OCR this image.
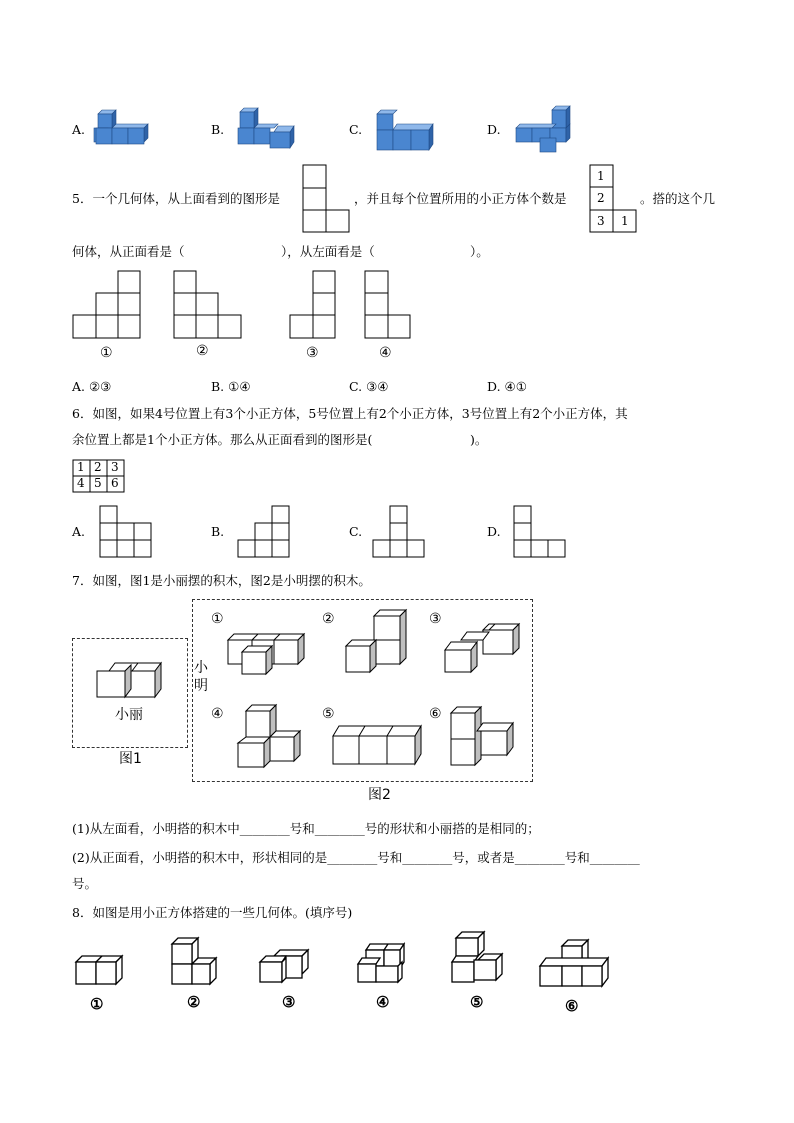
A.	B.	C.	D.
5．一个几何体，从上面看到的图形是	，并且每个位置所用的小正方体个数是
1
2
3 1
。搭的这个几
何体，从正面看是（	），从左面看是（	）。
①	②	③	④
A. ②③	B. ①④	C. ③④	D. ④①
6．如图，如果4号位置上有3个小正方体，5号位置上有2个小正方体，3号位置上有2个小正方体，其
余位置上都是1个小正方体。那么从正面看到的图形是(	)。
1 2 3
4 5 6
A.	B.	C.	D.
7．如图，图1是小丽摆的积木，图2是小明摆的积木。
小丽
图1
小
明
图2
①	②	③
④	⑤	⑥
(1)从左面看，小明搭的积木中________号和________号的形状和小丽搭的是相同的；
(2)从正面看，小明搭的积木中，形状相同的是________号和________号，或者是________号和________
号。
8．如图是用小正方体搭建的一些几何体。(填序号)
①	②	③	④	⑤	⑥
